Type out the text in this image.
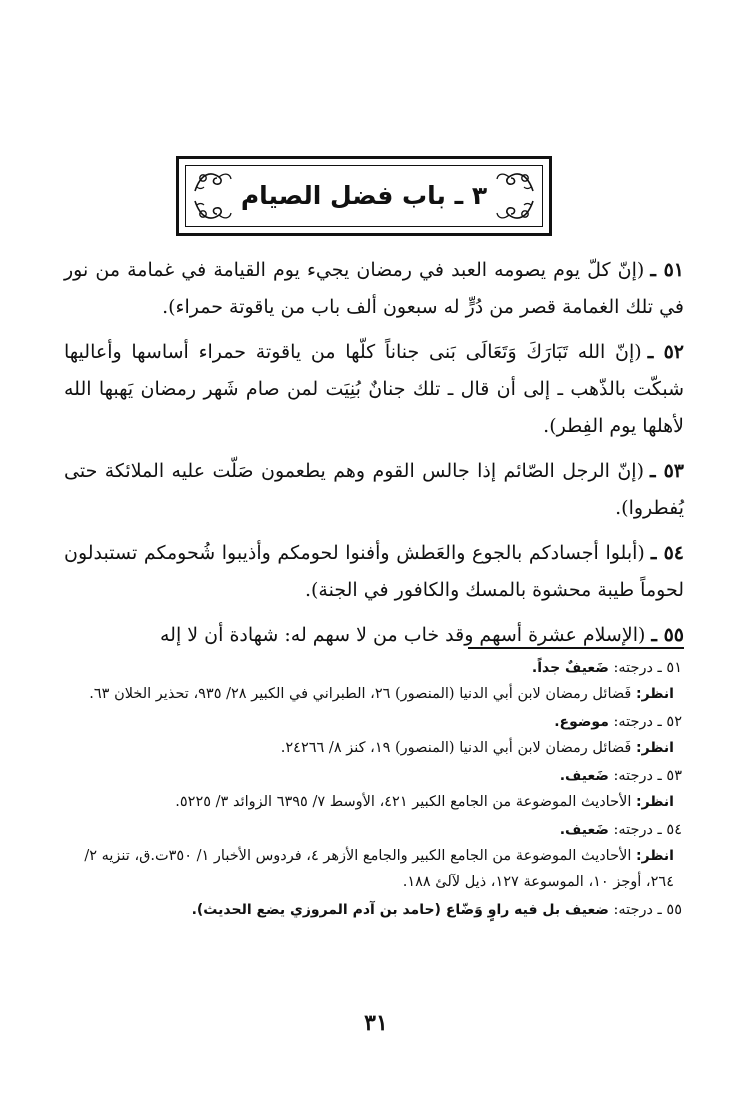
٣ ـ باب فضل الصيام

٥١ ـ(إنّ كلّ يوم يصومه العبد في رمضان يجيء يوم القيامة في غمامة من نور في تلك الغمامة قصر من دُرٍّ له سبعون ألف باب من ياقوتة حمراء).

٥٢ ـ(إنّ الله تَبَارَكَ وَتَعَالَى بَنى جناناً كلّها من ياقوتة حمراء أساسها وأعاليها شبكّت بالذّهب ـ إلى أن قال ـ تلك جنانٌ بُنِيَت لمن صام شَهر رمضان يَهبها الله لأهلها يوم الفِطر).

٥٣ ـ(إنّ الرجل الصّائم إذا جالس القوم وهم يطعمون صَلّت عليه الملائكة حتى يُفطروا).

٥٤ ـ(أبلوا أجسادكم بالجوع والعَطش وأفنوا لحومكم وأذيبوا شُحومكم تستبدلون لحوماً طيبة محشوة بالمسك والكافور في الجنة).

٥٥ ـ(الإسلام عشرة أسهم وقد خاب من لا سهم له: شهادة أن لا إله

٥١ ـ درجته: ضَعيفٌ جداً.

انظر: فَضائل رمضان لابن أبي الدنيا (المنصور) ٢٦، الطبراني في الكبير ٢٨/ ٩٣٥، تحذير الخلان ٦٣.

٥٢ ـ درجته: موضوع.

انظر: فَضائل رمضان لابن أبي الدنيا (المنصور) ١٩، كنز ٨/ ٢٤٢٦٦.

٥٣ ـ درجته: ضَعيف.

انظر: الأحاديث الموضوعة من الجامع الكبير ٤٢١، الأوسط ٧/ ٦٣٩٥ الزوائد ٣/ ٥٢٢٥.

٥٤ ـ درجته: ضَعيف.

انظر: الأحاديث الموضوعة من الجامع الكبير والجامع الأزهر ٤، فردوس الأخبار ١/ ٣٥٠ت.ق، تنزيه ٢/ ٢٦٤، أوجز ١٠، الموسوعة ١٢٧، ذيل لآلئ ١٨٨.

٥٥ ـ درجته: ضعيف بل فيه راوٍ وَضّاع (حامد بن آدم المروزي يضع الحديث).

٣١
